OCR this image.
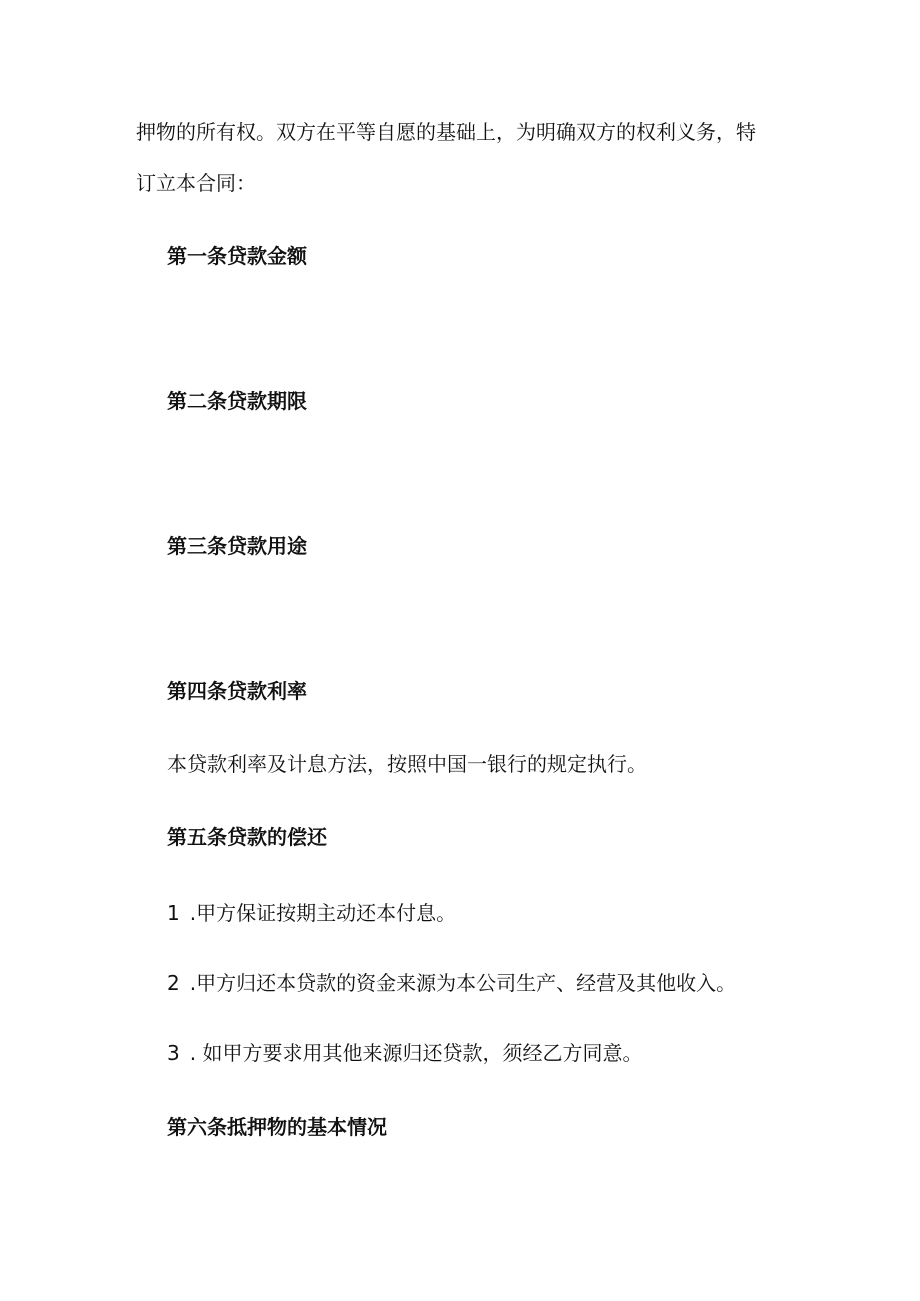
押物的所有权。双方在平等自愿的基础上，为明确双方的权利义务，特

订立本合同：

第一条贷款金额

第二条贷款期限

第三条贷款用途

第四条贷款利率

本贷款利率及计息方法，按照中国一银行的规定执行。

第五条贷款的偿还

1 .甲方保证按期主动还本付息。

2 .甲方归还本贷款的资金来源为本公司生产、经营及其他收入。

3 . 如甲方要求用其他来源归还贷款，须经乙方同意。

第六条抵押物的基本情况
